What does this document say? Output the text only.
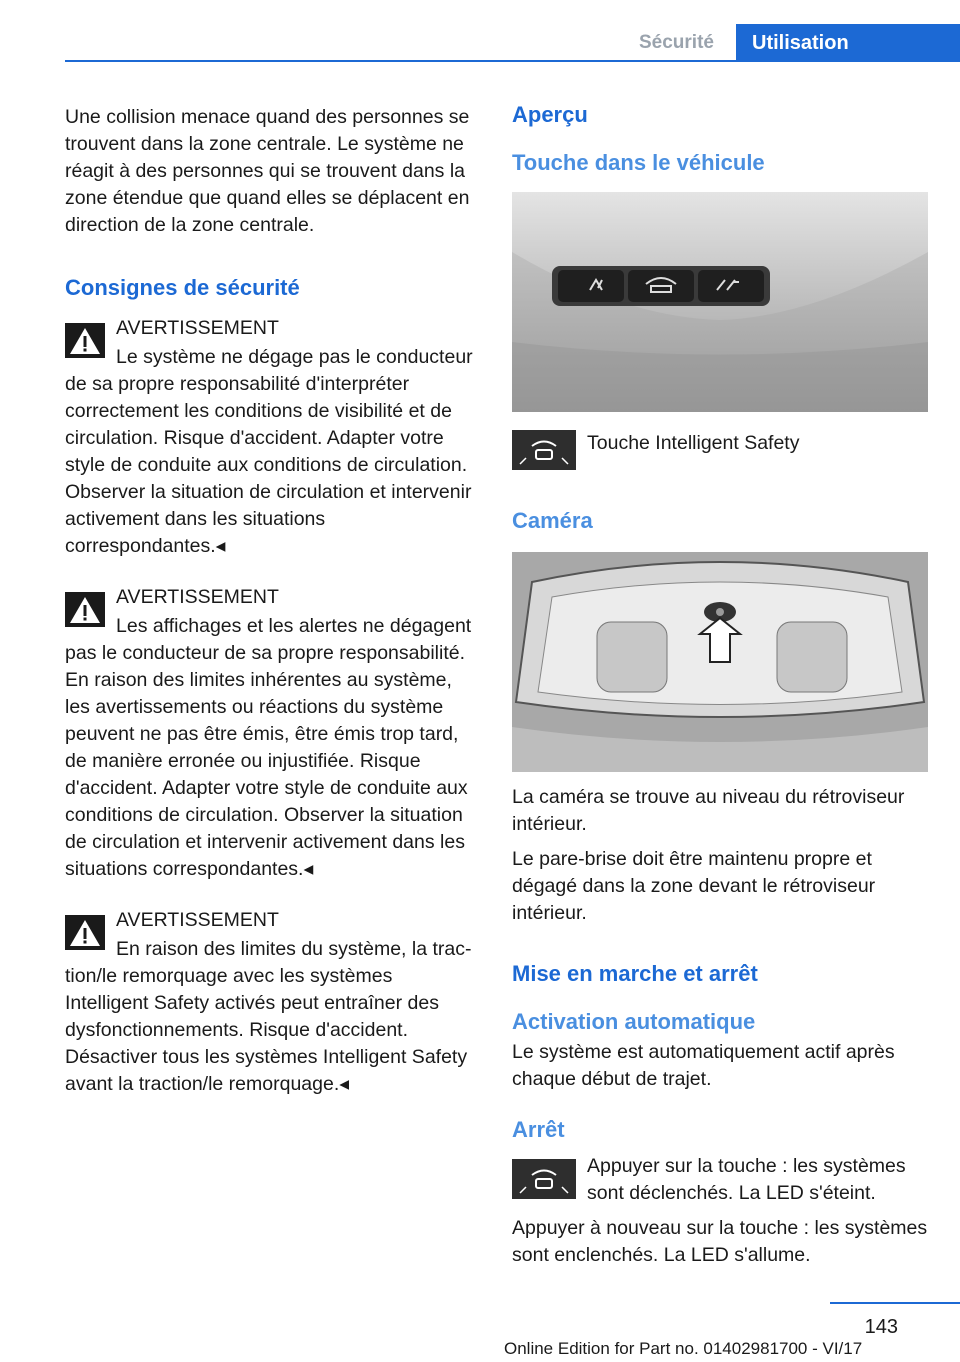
Sécurité	Utilisation

Une collision menace quand des personnes se trouvent dans la zone centrale. Le système ne réagit à des personnes qui se trouvent dans la zone étendue que quand elles se déplacent en direction de la zone centrale.

Consignes de sécurité

AVERTISSEMENT

Le système ne dégage pas le conducteur

de sa propre responsabilité d'interpréter correctement les conditions de visibilité et de circulation. Risque d'accident. Adapter votre style de conduite aux conditions de circulation. Observer la situation de circulation et intervenir activement dans les situations correspondantes.◂

AVERTISSEMENT

Les affichages et les alertes ne dégagent

pas le conducteur de sa propre responsabilité. En raison des limites inhérentes au système, les avertissements ou réactions du système peuvent ne pas être émis, être émis trop tard, de manière erronée ou injustifiée. Risque d'accident. Adapter votre style de conduite aux conditions de circulation. Observer la situation de circulation et intervenir activement dans les situations correspondantes.◂

AVERTISSEMENT

En raison des limites du système, la trac-

tion/le remorquage avec les systèmes Intelligent Safety activés peut entraîner des dysfonctionnements. Risque d'accident. Désactiver tous les systèmes Intelligent Safety avant la traction/le remorquage.◂

Aperçu
Touche dans le véhicule

Touche Intelligent Safety

Caméra

La caméra se trouve au niveau du rétroviseur intérieur.

Le pare-brise doit être maintenu propre et dégagé dans la zone devant le rétroviseur intérieur.

Mise en marche et arrêt
Activation automatique

Le système est automatiquement actif après chaque début de trajet.

Arrêt

Appuyer sur la touche : les systèmes sont déclenchés. La LED s'éteint.

Appuyer à nouveau sur la touche : les systèmes sont enclenchés. La LED s'allume.

143
Online Edition for Part no. 01402981700 - VI/17
